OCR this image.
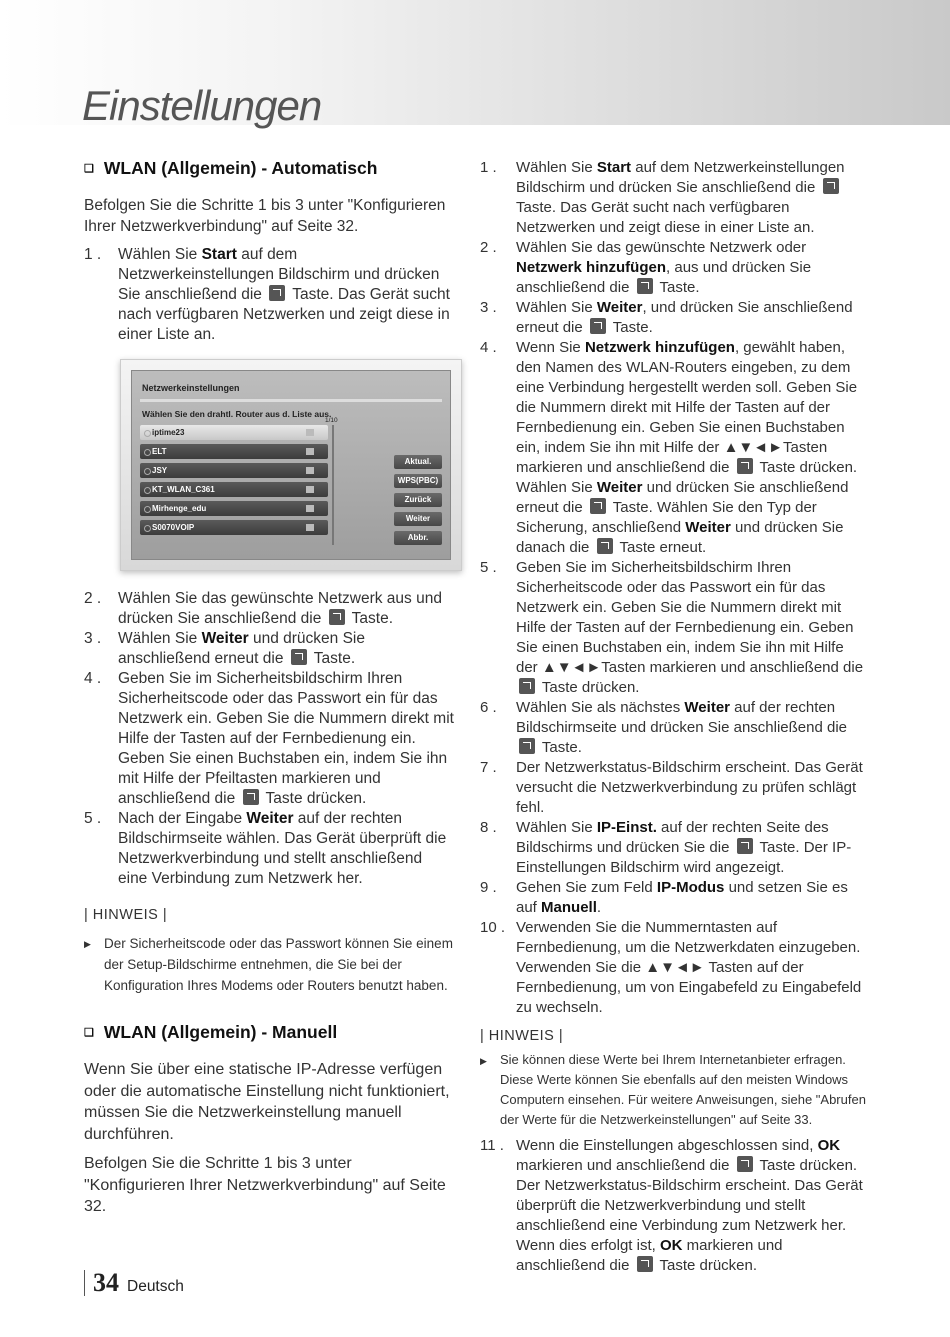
Einstellungen
❑ WLAN (Allgemein) - Automatisch

Befolgen Sie die Schritte 1 bis 3 unter "Konfigurieren Ihrer Netzwerkverbindung" auf Seite 32.

1 .	Wählen Sie Start auf dem Netzwerkeinstellungen Bildschirm und drücken Sie anschließend die  Taste. Das Gerät sucht nach verfügbaren Netzwerken und zeigt diese in einer Liste an.
Netzwerkeinstellungen
Wählen Sie den drahtl. Router aus d. Liste aus.
1/10
iptime23
ELT
JSY
KT_WLAN_C361
Mirhenge_edu
S0070VOIP
Aktual.
WPS(PBC)
Zurück
Weiter
Abbr.
2 .	Wählen Sie das gewünschte Netzwerk aus und drücken Sie anschließend die  Taste.
3 .	Wählen Sie Weiter und drücken Sie anschließend erneut die  Taste.
4 .	Geben Sie im Sicherheitsbildschirm Ihren Sicherheitscode oder das Passwort ein für das Netzwerk ein. Geben Sie die Nummern direkt mit Hilfe der Tasten auf der Fernbedienung ein. Geben Sie einen Buchstaben ein, indem Sie ihn mit Hilfe der Pfeiltasten markieren und anschließend die  Taste drücken.
5 .	Nach der Eingabe Weiter auf der rechten Bildschirmseite wählen. Das Gerät überprüft die Netzwerkverbindung und stellt anschließend eine Verbindung zum Netzwerk her.
| HINWEIS |
▶ Der Sicherheitscode oder das Passwort können Sie einem der Setup-Bildschirme entnehmen, die Sie bei der Konfiguration Ihres Modems oder Routers benutzt haben.
❑ WLAN (Allgemein) - Manuell

Wenn Sie über eine statische IP-Adresse verfügen oder die automatische Einstellung nicht funktioniert, müssen Sie die Netzwerkeinstellung manuell durchführen.

Befolgen Sie die Schritte 1 bis 3 unter "Konfigurieren Ihrer Netzwerkverbindung" auf Seite 32.

1 .	Wählen Sie Start auf dem Netzwerkeinstellungen Bildschirm und drücken Sie anschließend die  Taste. Das Gerät sucht nach verfügbaren Netzwerken und zeigt diese in einer Liste an.
2 .	Wählen Sie das gewünschte Netzwerk oder Netzwerk hinzufügen, aus und drücken Sie anschließend die  Taste.
3 .	Wählen Sie Weiter, und drücken Sie anschließend erneut die  Taste.
4 .	Wenn Sie Netzwerk hinzufügen, gewählt haben, den Namen des WLAN-Routers eingeben, zu dem eine Verbindung hergestellt werden soll. Geben Sie die Nummern direkt mit Hilfe der Tasten auf der Fernbedienung ein. Geben Sie einen Buchstaben ein, indem Sie ihn mit Hilfe der ▲▼◄►Tasten markieren und anschließend die  Taste drücken. Wählen Sie Weiter und drücken Sie anschließend erneut die  Taste. Wählen Sie den Typ der Sicherung, anschließend Weiter und drücken Sie danach die  Taste erneut.
5 .	Geben Sie im Sicherheitsbildschirm Ihren Sicherheitscode oder das Passwort ein für das Netzwerk ein. Geben Sie die Nummern direkt mit Hilfe der Tasten auf der Fernbedienung ein. Geben Sie einen Buchstaben ein, indem Sie ihn mit Hilfe der ▲▼◄►Tasten markieren und anschließend die  Taste drücken.
6 .	Wählen Sie als nächstes Weiter auf der rechten Bildschirmseite und drücken Sie anschließend die  Taste.
7 .	Der Netzwerkstatus-Bildschirm erscheint. Das Gerät versucht die Netzwerkverbindung zu prüfen schlägt fehl.
8 .	Wählen Sie IP-Einst. auf der rechten Seite des Bildschirms und drücken Sie die  Taste. Der IP-Einstellungen Bildschirm wird angezeigt.
9 .	Gehen Sie zum Feld IP-Modus und setzen Sie es auf Manuell.
10 . Verwenden Sie die Nummerntasten auf Fernbedienung, um die Netzwerkdaten einzugeben. Verwenden Sie die ▲▼◄► Tasten auf der Fernbedienung, um von Eingabefeld zu Eingabefeld zu wechseln.
| HINWEIS |
▶	Sie können diese Werte bei Ihrem Internetanbieter erfragen. Diese Werte können Sie ebenfalls auf den meisten Windows Computern einsehen. Für weitere Anweisungen, siehe "Abrufen der Werte für die Netzwerkeinstellungen" auf Seite 33.
11 . Wenn die Einstellungen abgeschlossen sind, OK markieren und anschließend die  Taste drücken. Der Netzwerkstatus-Bildschirm erscheint. Das Gerät überprüft die Netzwerkverbindung und stellt anschließend eine Verbindung zum Netzwerk her. Wenn dies erfolgt ist, OK markieren und anschließend die  Taste drücken.
34 Deutsch
